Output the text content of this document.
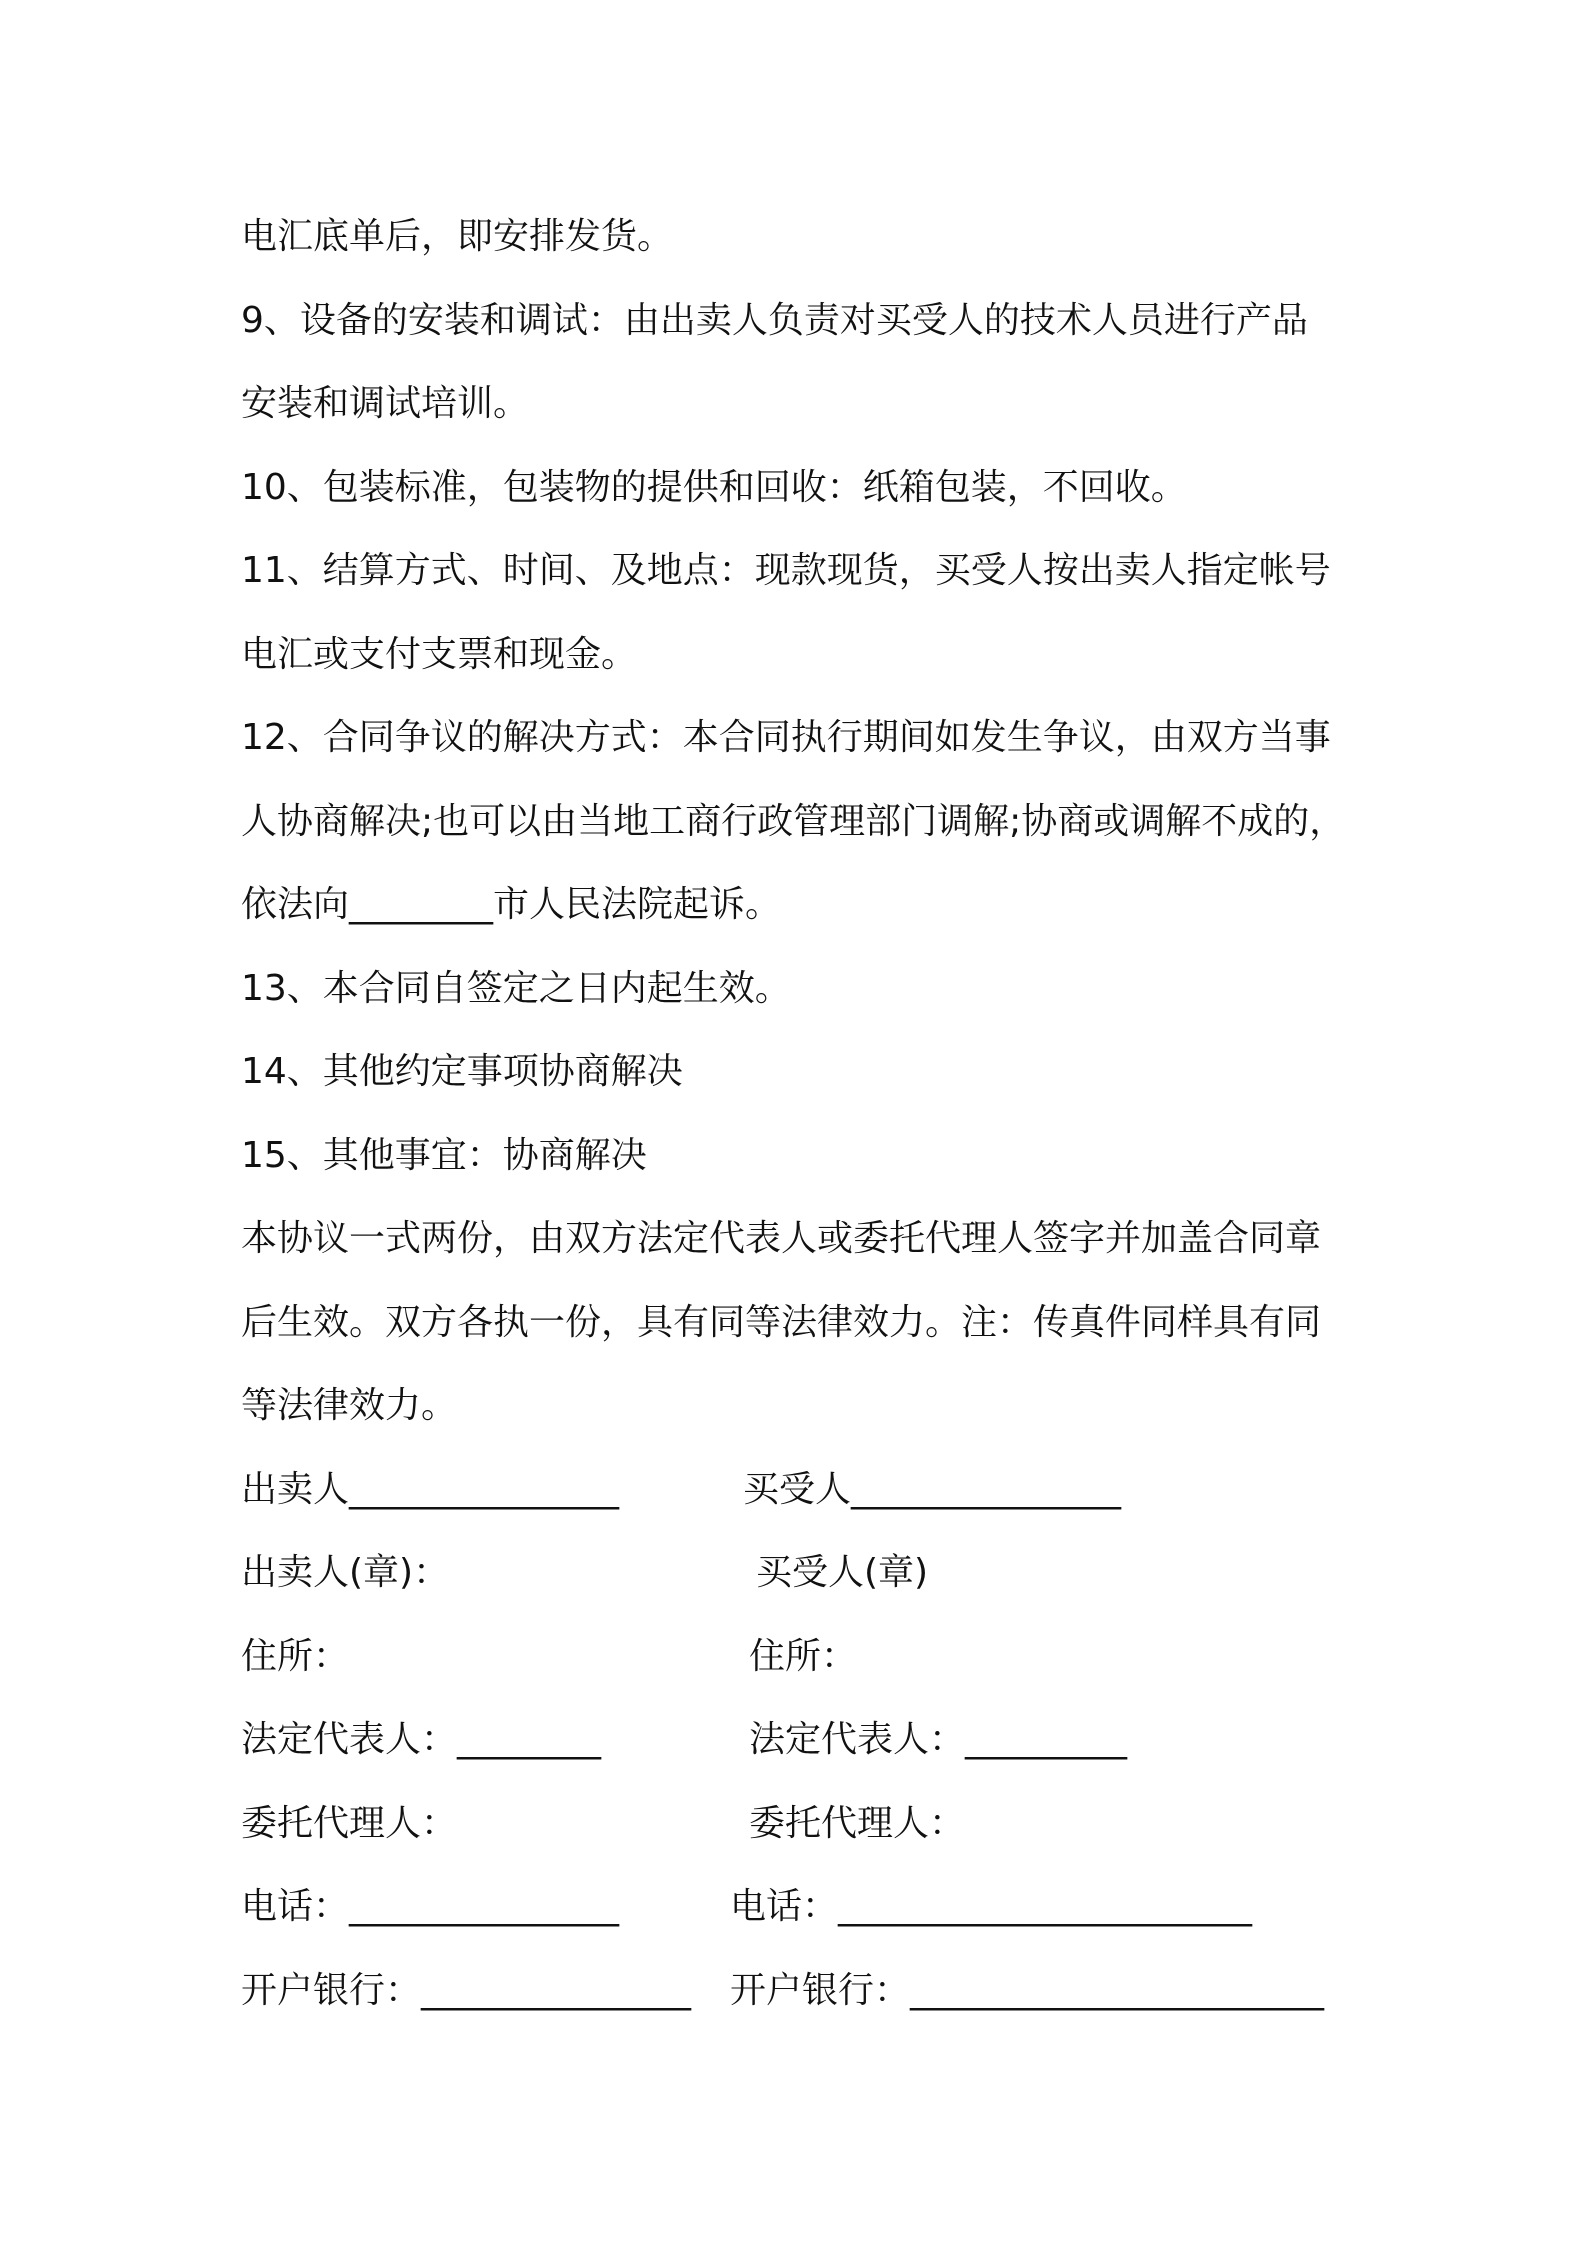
电汇底单后，即安排发货。

9、设备的安装和调试：由出卖人负责对买受人的技术人员进行产品

安装和调试培训。

10、包装标准，包装物的提供和回收：纸箱包装，不回收。

11、结算方式、时间、及地点：现款现货，买受人按出卖人指定帐号

电汇或支付支票和现金。

12、合同争议的解决方式：本合同执行期间如发生争议，由双方当事

人协商解决;也可以由当地工商行政管理部门调解;协商或调解不成的，

依法向________市人民法院起诉。

13、本合同自签定之日内起生效。

14、其他约定事项协商解决

15、其他事宜：协商解决

本协议一式两份，由双方法定代表人或委托代理人签字并加盖合同章

后生效。双方各执一份，具有同等法律效力。注：传真件同样具有同

等法律效力。

出卖人_______________	买受人_______________
出卖人(章)：	买受人(章)
住所：	住所：
法定代表人：________	法定代表人：_________
委托代理人：	委托代理人：
电话：_______________	电话：_______________________
开户银行：_______________ 开户银行：_______________________
